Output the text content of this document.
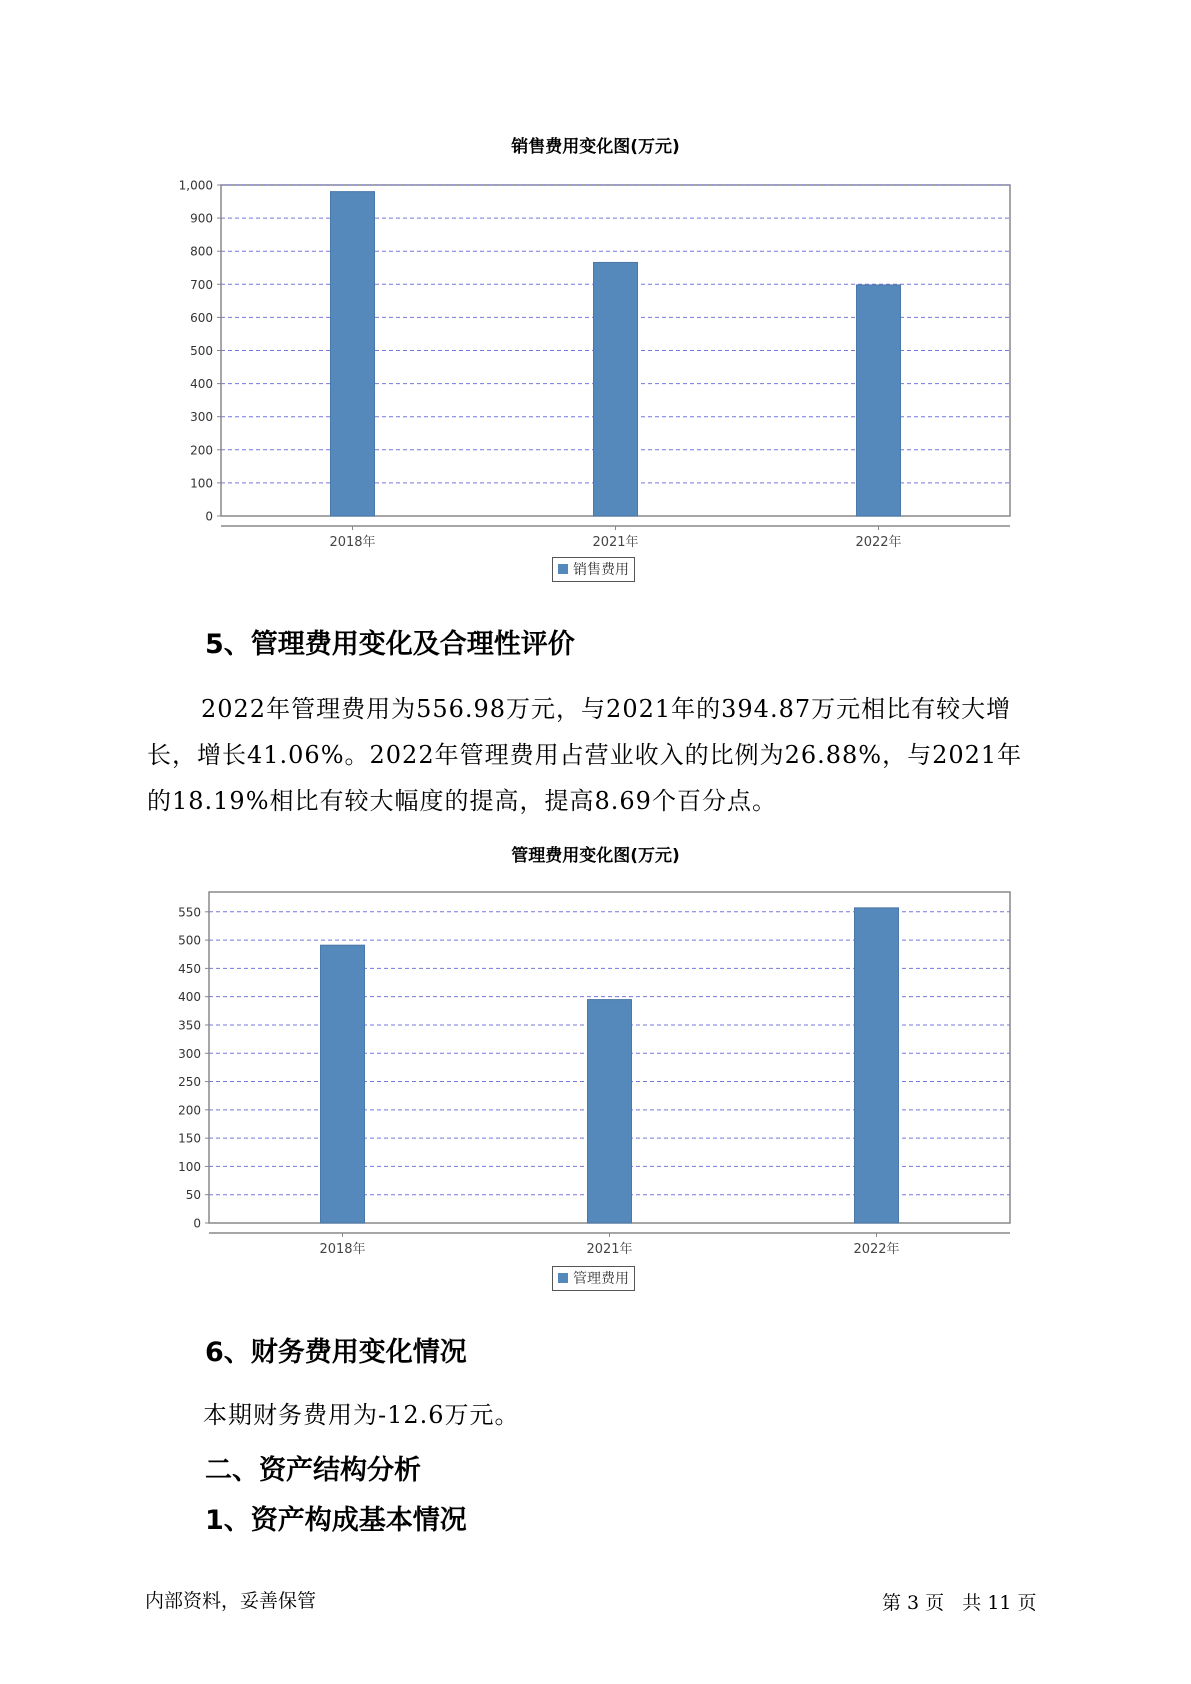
销售费用变化图(万元)
0
100
200
300
400
500
600
700
800
900
1,000
2018年	2021年	2022年
销售费用
5、管理费用变化及合理性评价
2022年管理费用为556.98万元，与2021年的394.87万元相比有较大增长，增长41.06%。2022年管理费用占营业收入的比例为26.88%，与2021年的18.19%相比有较大幅度的提高，提高8.69个百分点。
管理费用变化图(万元)
0
50
100
150
200
250
300
350
400
450
500
550
2018年	2021年	2022年
管理费用
6、财务费用变化情况
本期财务费用为-12.6万元。
二、资产结构分析
1、资产构成基本情况
内部资料，妥善保管	第 3 页   共 11 页
